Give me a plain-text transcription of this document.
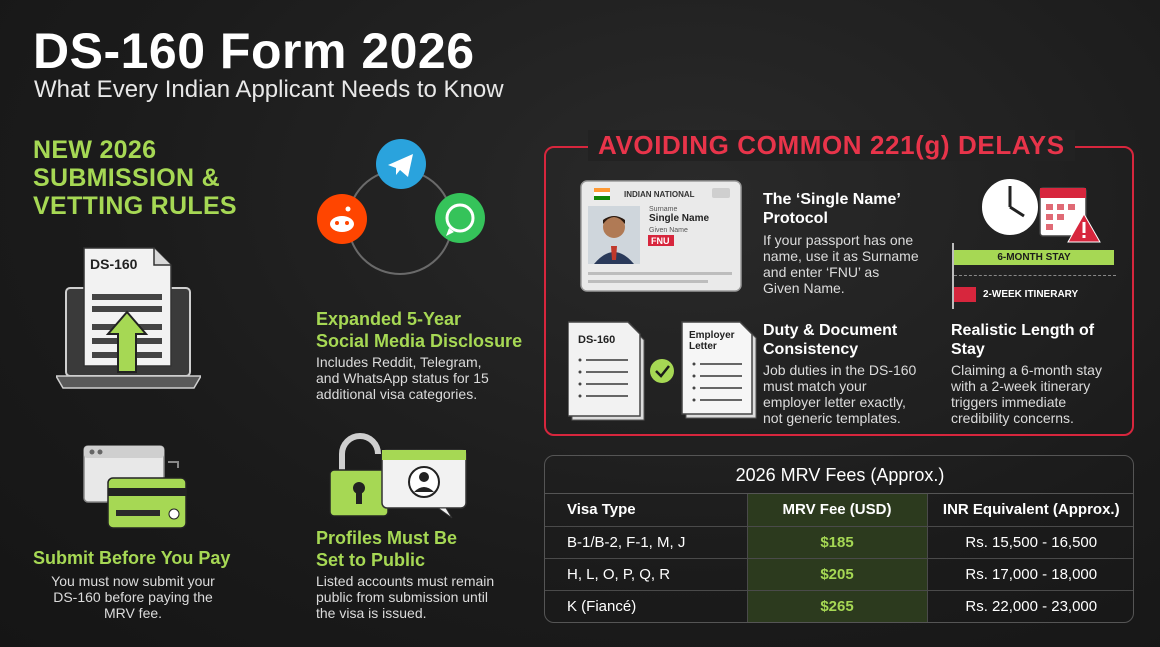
DS-160 Form 2026
What Every Indian Applicant Needs to Know
NEW 2026
SUBMISSION &
VETTING RULES
DS-160
Submit Before You Pay
You must now submit your
DS-160 before paying the
MRV fee.
Expanded 5-Year
Social Media Disclosure
Includes Reddit, Telegram,
and WhatsApp status for 15
additional visa categories.
Profiles Must Be
Set to Public
Listed accounts must remain
public from submission until
the visa is issued.
AVOIDING COMMON 221(g) DELAYS
INDIAN NATIONAL
Surname
Single Name
Given Name
FNU
The ‘Single Name’
Protocol
If your passport has one
name, use it as Surname
and enter ‘FNU’ as
Given Name.
6-MONTH STAY
2-WEEK ITINERARY
DS-160	Employer
Letter
Duty & Document
Consistency
Job duties in the DS-160
must match your
employer letter exactly,
not generic templates.
Realistic Length of
Stay
Claiming a 6-month stay
with a 2-week itinerary
triggers immediate
credibility concerns.
2026 MRV Fees (Approx.)
Visa Type	MRV Fee (USD)	INR Equivalent (Approx.)
B-1/B-2, F-1, M, J	$185	Rs. 15,500 - 16,500
H, L, O, P, Q, R	$205	Rs. 17,000 - 18,000
K (Fiancé)	$265	Rs. 22,000 - 23,000
